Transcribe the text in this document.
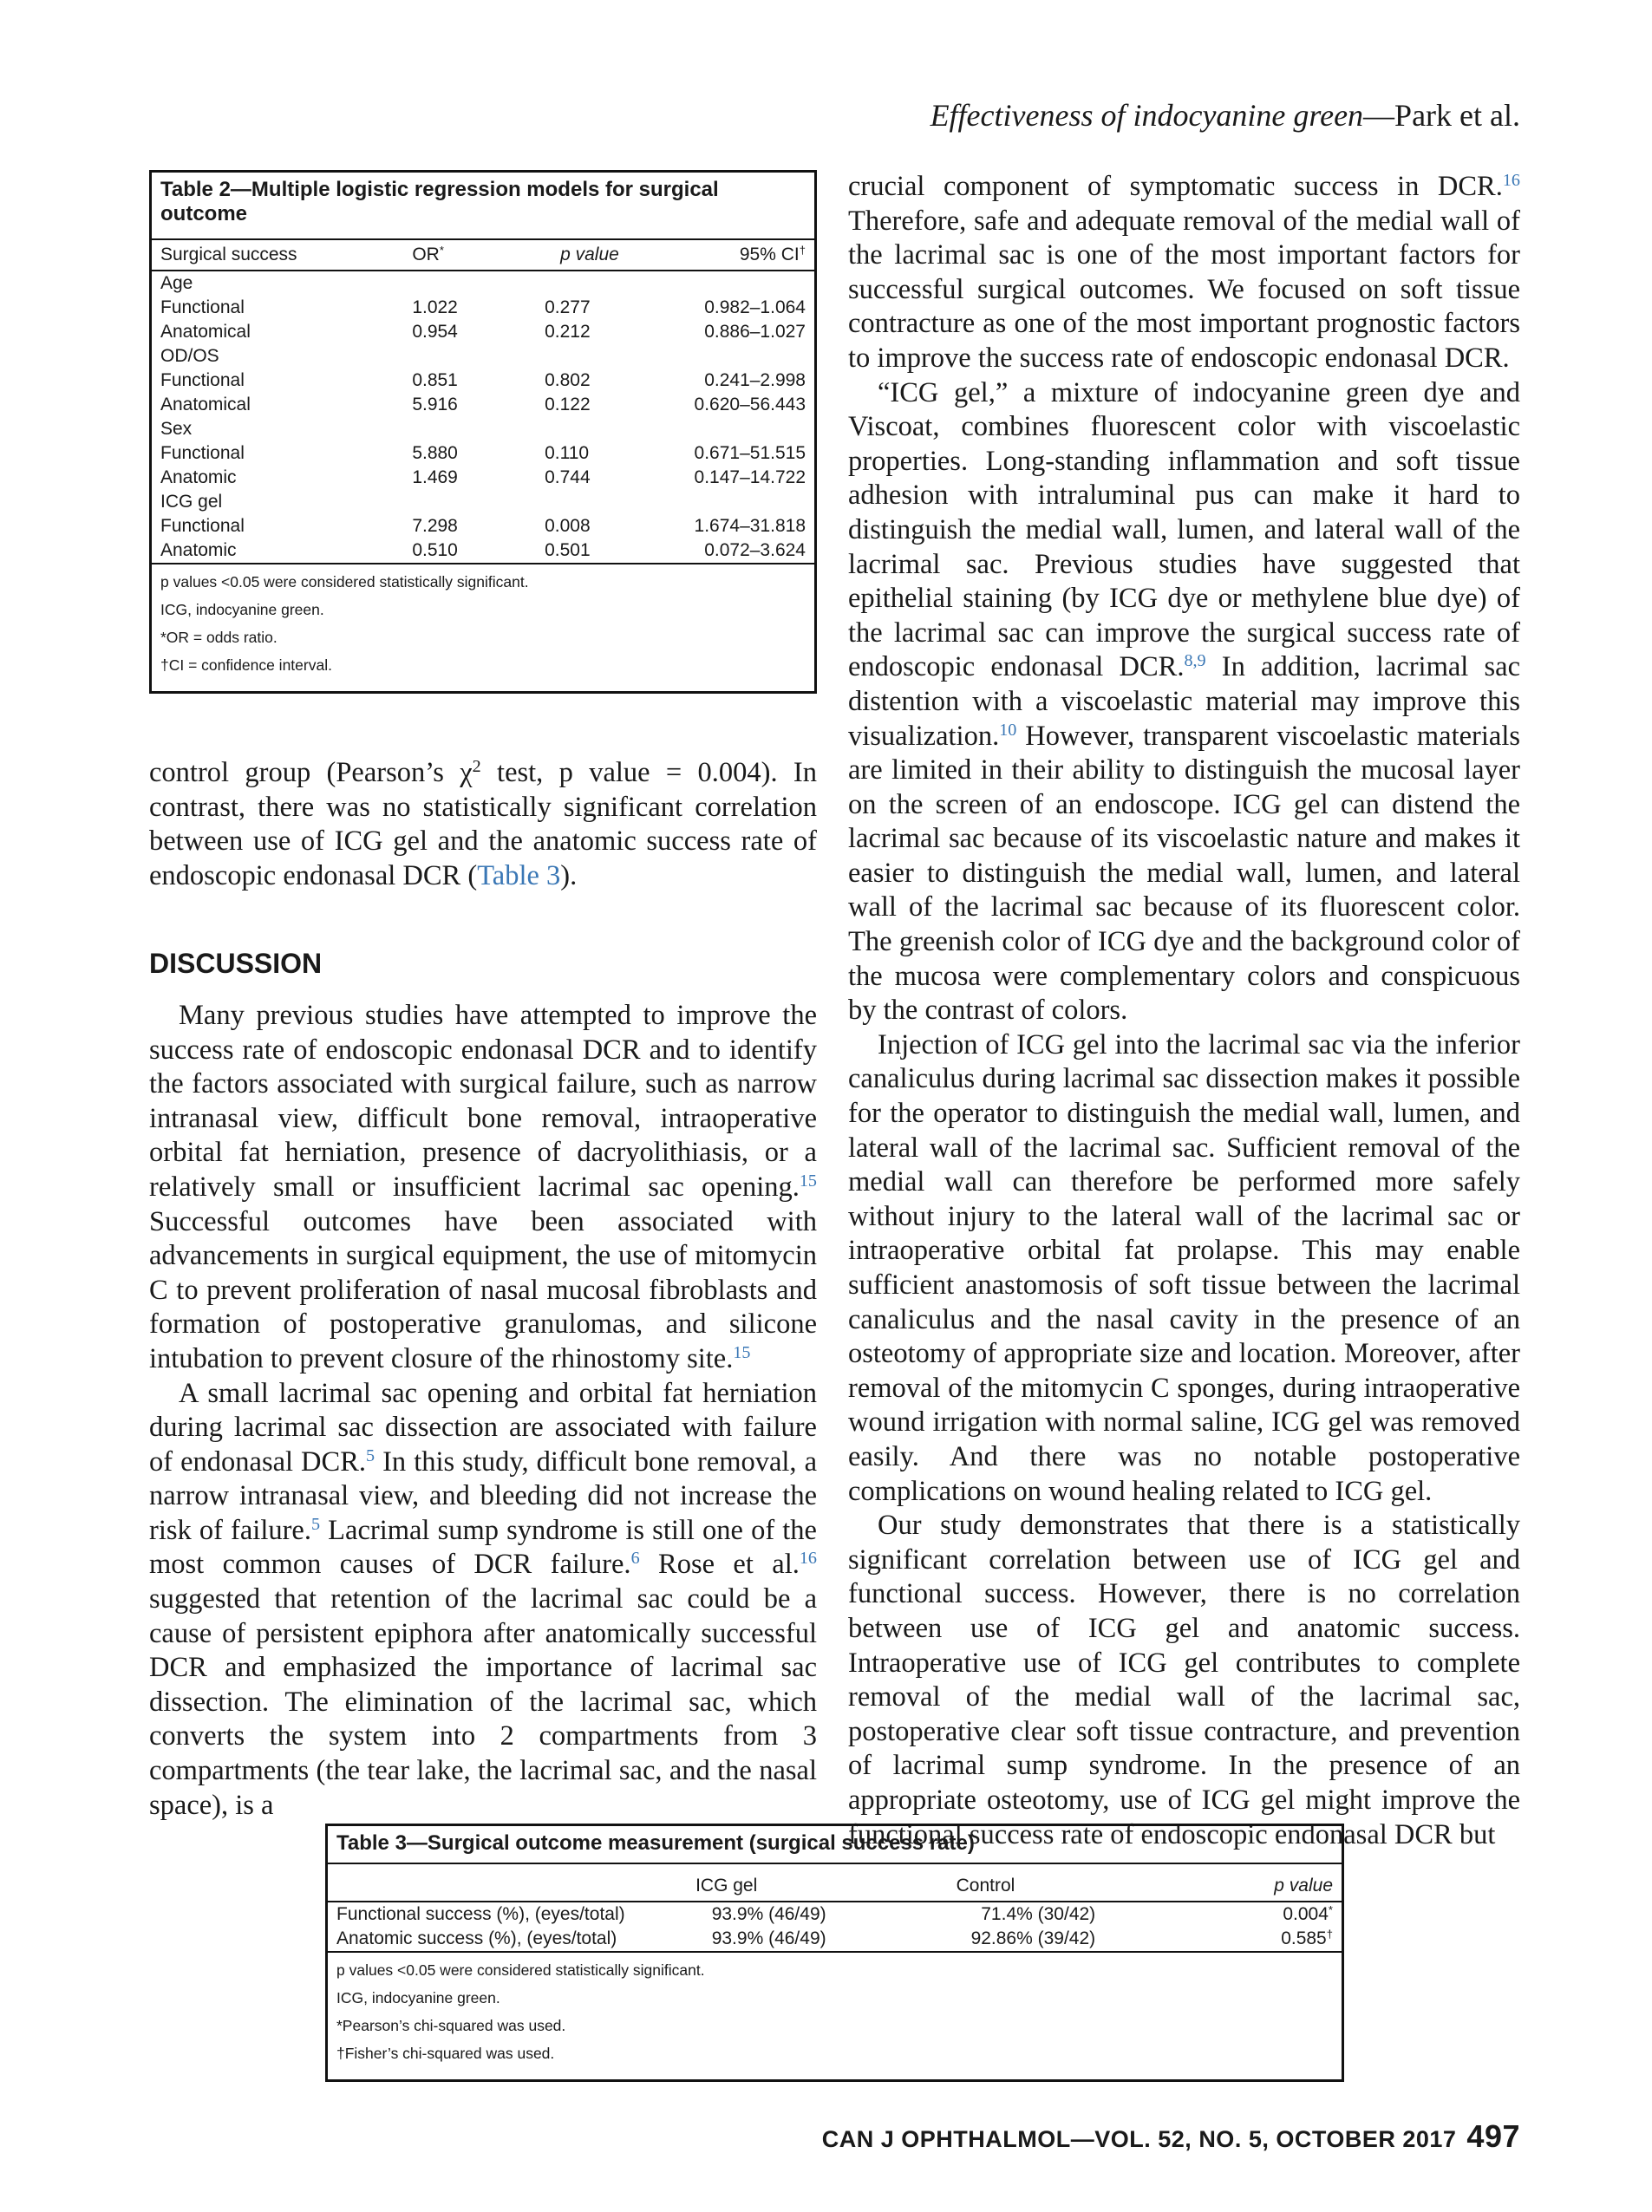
Effectiveness of indocyanine green—Park et al.
Table 2—Multiple logistic regression models for surgical outcome
Surgical success	OR*	p value	95% CI†
Age			
Functional	1.022	0.277	0.982–1.064
Anatomical	0.954	0.212	0.886–1.027
OD/OS			
Functional	0.851	0.802	0.241–2.998
Anatomical	5.916	0.122	0.620–56.443
Sex			
Functional	5.880	0.110	0.671–51.515
Anatomic	1.469	0.744	0.147–14.722
ICG gel			
Functional	7.298	0.008	1.674–31.818
Anatomic	0.510	0.501	0.072–3.624
p values <0.05 were considered statistically significant.
ICG, indocyanine green.
*OR = odds ratio.
†CI = confidence interval.

control group (Pearson’s $\chi^2$ test, p value = 0.004). In contrast, there was no statistically significant correlation between use of ICG gel and the anatomic success rate of endoscopic endonasal DCR (Table 3).

DISCUSSION

Many previous studies have attempted to improve the success rate of endoscopic endonasal DCR and to identify the factors associated with surgical failure, such as narrow intranasal view, difficult bone removal, intraoperative orbital fat herniation, presence of dacryolithiasis, or a relatively small or insufficient lacrimal sac opening.$^{15}$ Successful outcomes have been associated with advancements in surgical equipment, the use of mitomycin C to prevent proliferation of nasal mucosal fibroblasts and formation of postoperative granulomas, and silicone intubation to prevent closure of the rhinostomy site.$^{15}$

A small lacrimal sac opening and orbital fat herniation during lacrimal sac dissection are associated with failure of endonasal DCR.$^5$ In this study, difficult bone removal, a narrow intranasal view, and bleeding did not increase the risk of failure.$^5$ Lacrimal sump syndrome is still one of the most common causes of DCR failure.$^6$ Rose et al.$^{16}$ suggested that retention of the lacrimal sac could be a cause of persistent epiphora after anatomically successful DCR and emphasized the importance of lacrimal sac dissection. The elimination of the lacrimal sac, which converts the system into 2 compartments from 3 compartments (the tear lake, the lacrimal sac, and the nasal space), is a

crucial component of symptomatic success in DCR.$^{16}$ Therefore, safe and adequate removal of the medial wall of the lacrimal sac is one of the most important factors for successful surgical outcomes. We focused on soft tissue contracture as one of the most important prognostic factors to improve the success rate of endoscopic endonasal DCR.

“ICG gel,” a mixture of indocyanine green dye and Viscoat, combines fluorescent color with viscoelastic properties. Long-standing inflammation and soft tissue adhesion with intraluminal pus can make it hard to distinguish the medial wall, lumen, and lateral wall of the lacrimal sac. Previous studies have suggested that epithelial staining (by ICG dye or methylene blue dye) of the lacrimal sac can improve the surgical success rate of endoscopic endonasal DCR.$^{8,9}$ In addition, lacrimal sac distention with a viscoelastic material may improve this visualization.$^{10}$ However, transparent viscoelastic materials are limited in their ability to distinguish the mucosal layer on the screen of an endoscope. ICG gel can distend the lacrimal sac because of its viscoelastic nature and makes it easier to distinguish the medial wall, lumen, and lateral wall of the lacrimal sac because of its fluorescent color. The greenish color of ICG dye and the background color of the mucosa were complementary colors and conspicuous by the contrast of colors.

Injection of ICG gel into the lacrimal sac via the inferior canaliculus during lacrimal sac dissection makes it possible for the operator to distinguish the medial wall, lumen, and lateral wall of the lacrimal sac. Sufficient removal of the medial wall can therefore be performed more safely without injury to the lateral wall of the lacrimal sac or intraoperative orbital fat prolapse. This may enable sufficient anastomosis of soft tissue between the lacrimal canaliculus and the nasal cavity in the presence of an osteotomy of appropriate size and location. Moreover, after removal of the mitomycin C sponges, during intraoperative wound irrigation with normal saline, ICG gel was removed easily. And there was no notable postoperative complications on wound healing related to ICG gel.

Our study demonstrates that there is a statistically significant correlation between use of ICG gel and functional success. However, there is no correlation between use of ICG gel and anatomic success. Intraoperative use of ICG gel contributes to complete removal of the medial wall of the lacrimal sac, postoperative clear soft tissue contracture, and prevention of lacrimal sump syndrome. In the presence of an appropriate osteotomy, use of ICG gel might improve the functional success rate of endoscopic endonasal DCR but

Table 3—Surgical outcome measurement (surgical success rate)
	ICG gel	Control	p value
Functional success (%), (eyes/total)	93.9% (46/49)	71.4% (30/42)	0.004*
Anatomic success (%), (eyes/total)	93.9% (46/49)	92.86% (39/42)	0.585†
p values <0.05 were considered statistically significant.
ICG, indocyanine green.
*Pearson’s chi-squared was used.
†Fisher’s chi-squared was used.
CAN J OPHTHALMOL—VOL. 52, NO. 5, OCTOBER 2017 497
